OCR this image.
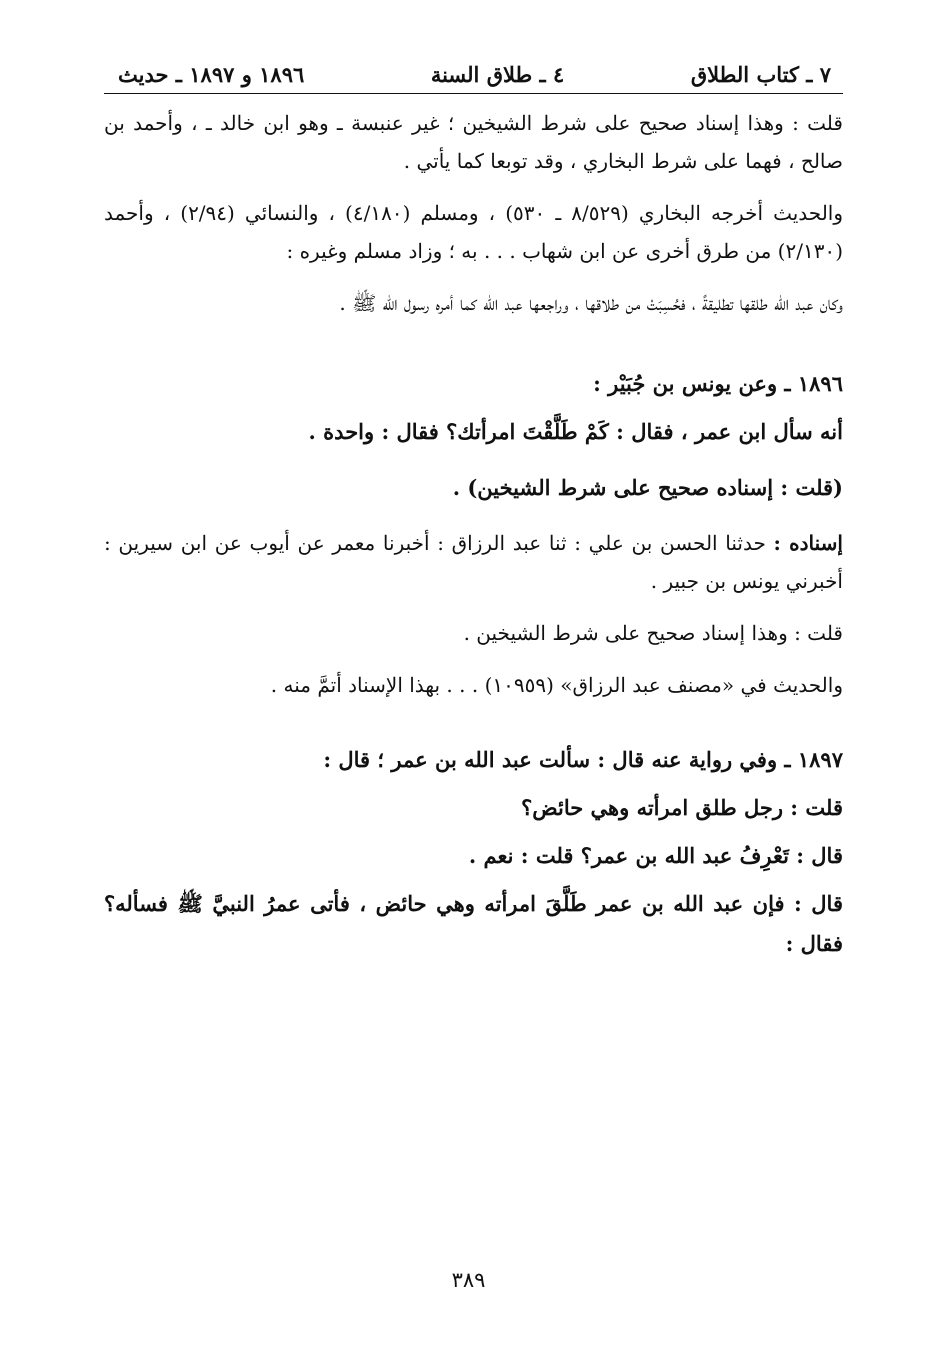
٧ ـ كتاب الطلاق
٤ ـ طلاق السنة
١٨٩٦ و ١٨٩٧ ـ حديث

قلت : وهذا إسناد صحيح على شرط الشيخين ؛ غير عنبسة ـ وهو ابن خالد ـ ، وأحمد بن صالح ، فهما على شرط البخاري ، وقد توبعا كما يأتي .

والحديث أخرجه البخاري (٨/٥٢٩ ـ ٥٣٠) ، ومسلم (٤/١٨٠) ، والنسائي (٢/٩٤) ، وأحمد (٢/١٣٠) من طرق أخرى عن ابن شهاب . . . به ؛ وزاد مسلم وغيره :

وكان عبد الله طلقها تطليقةً ، فحُسِبَتْ من طلاقها ، وراجعها عبد الله كما أمره رسول الله ﷺ .

١٨٩٦ ـ وعن يونس بن جُبَيْر :

أنه سأل ابن عمر ، فقال : كَمْ طَلَّقْتَ امرأتك؟ فقال : واحدة .

(قلت : إسناده صحيح على شرط الشيخين) .

إسناده : حدثنا الحسن بن علي : ثنا عبد الرزاق : أخبرنا معمر عن أيوب عن ابن سيرين : أخبرني يونس بن جبير .

قلت : وهذا إسناد صحيح على شرط الشيخين .

والحديث في «مصنف عبد الرزاق» (١٠٩٥٩) . . . بهذا الإسناد أتمَّ منه .

١٨٩٧ ـ وفي رواية عنه قال : سألت عبد الله بن عمر ؛ قال :

قلت : رجل طلق امرأته وهي حائض؟

قال : تَعْرِفُ عبد الله بن عمر؟ قلت : نعم .

قال : فإن عبد الله بن عمر طَلَّقَ امرأته وهي حائض ، فأتى عمرُ النبيَّ ﷺ فسأله؟ فقال :

٣٨٩
